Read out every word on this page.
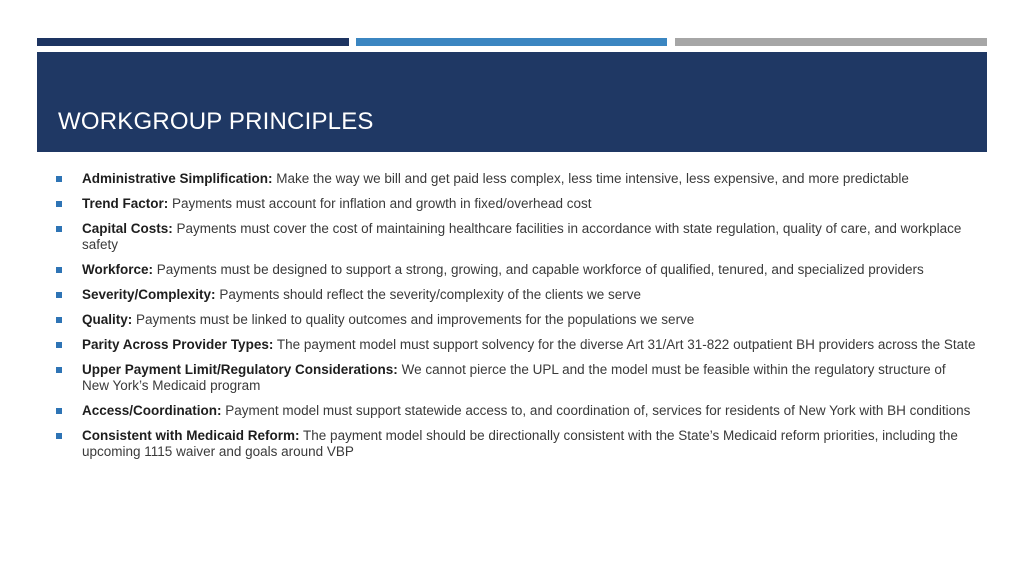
WORKGROUP PRINCIPLES
Administrative Simplification: Make the way we bill and get paid less complex, less time intensive, less expensive, and more predictable
Trend Factor: Payments must account for inflation and growth in fixed/overhead cost
Capital Costs: Payments must cover the cost of maintaining healthcare facilities in accordance with state regulation, quality of care, and workplace safety
Workforce: Payments must be designed to support a strong, growing, and capable workforce of qualified, tenured, and specialized providers
Severity/Complexity: Payments should reflect the severity/complexity of the clients we serve
Quality: Payments must be linked to quality outcomes and improvements for the populations we serve
Parity Across Provider Types: The payment model must support solvency for the diverse Art 31/Art 31-822 outpatient BH providers across the State
Upper Payment Limit/Regulatory Considerations: We cannot pierce the UPL and the model must be feasible within the regulatory structure of New York’s Medicaid program
Access/Coordination: Payment model must support statewide access to, and coordination of, services for residents of New York with BH conditions
Consistent with Medicaid Reform: The payment model should be directionally consistent with the State’s Medicaid reform priorities, including the upcoming 1115 waiver and goals around VBP
